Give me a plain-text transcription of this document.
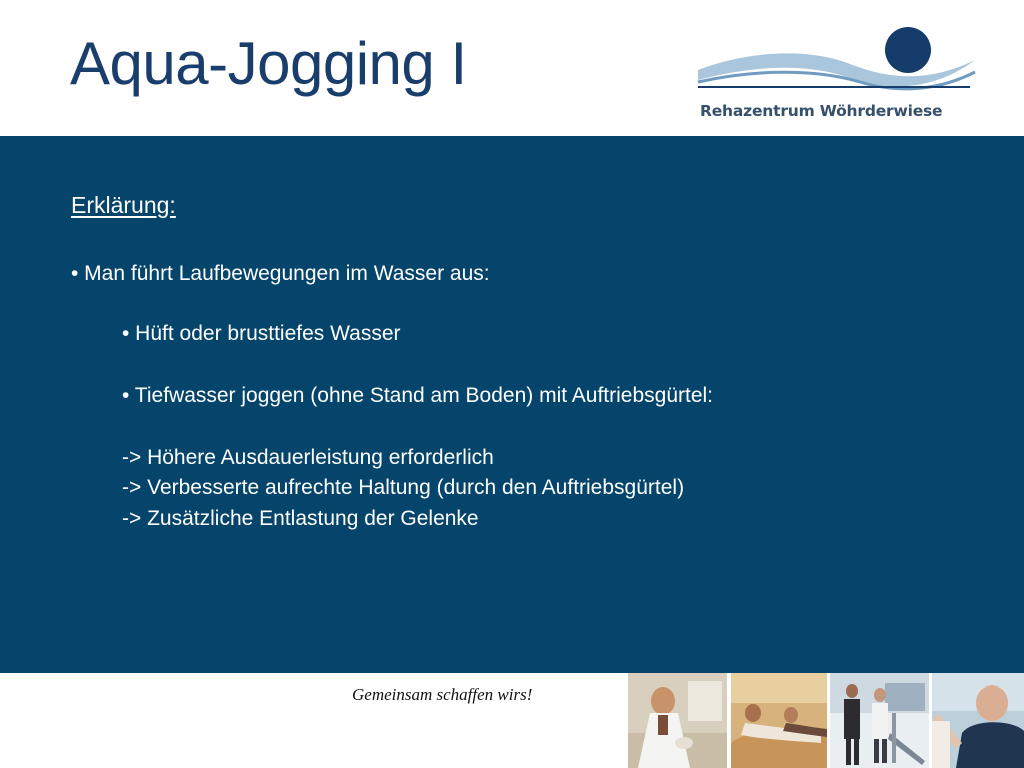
Aqua-Jogging I
Rehazentrum Wöhrderwiese
Erklärung:
• Man führt Laufbewegungen im Wasser aus:
• Hüft oder brusttiefes Wasser
• Tiefwasser joggen (ohne Stand am Boden) mit Auftriebsgürtel:
-> Höhere Ausdauerleistung erforderlich
-> Verbesserte aufrechte Haltung (durch den Auftriebsgürtel)
-> Zusätzliche Entlastung der Gelenke
Gemeinsam schaffen wirs!
